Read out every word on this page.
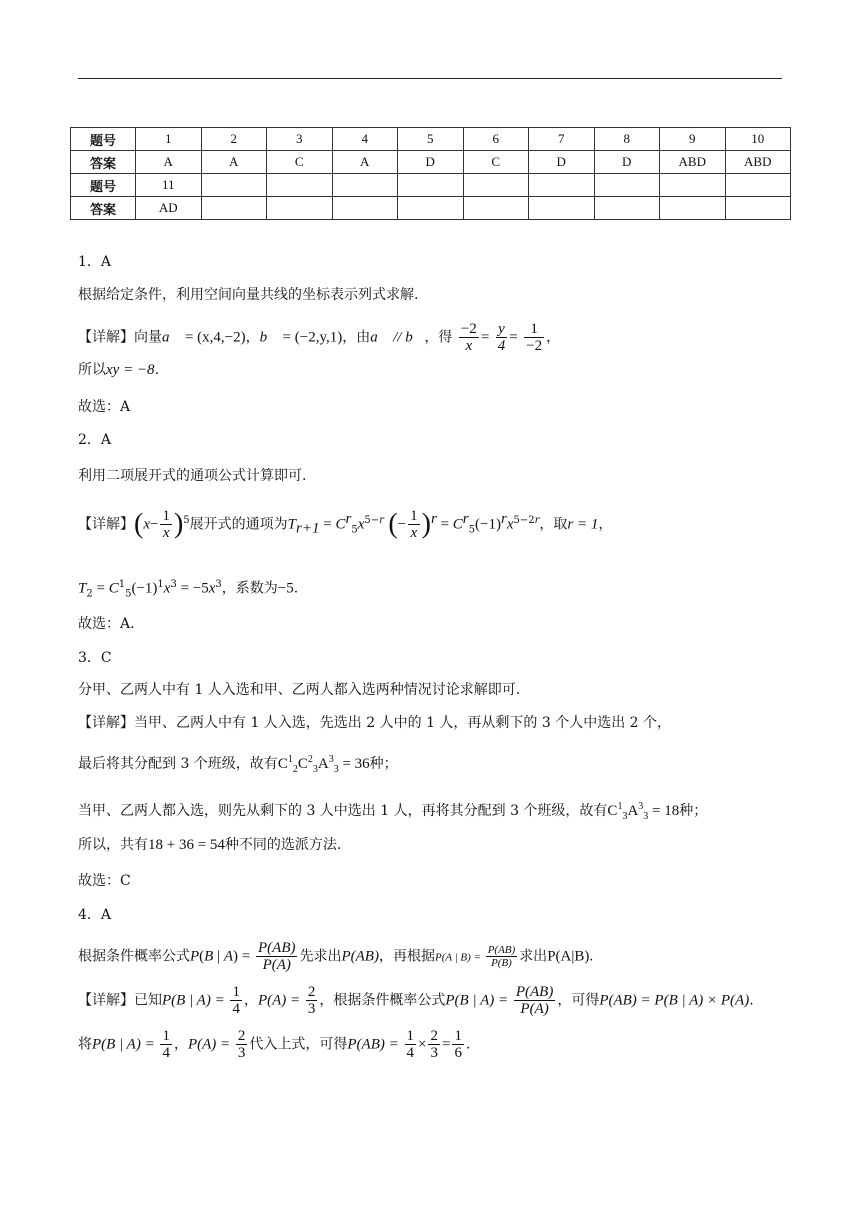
题号	1	2	3	4	5	6	7	8	9	10
答案	A	A	C	A	D	C	D	D	ABD	ABD
题号	11									
答案	AD									
1．A
根据给定条件，利用空间向量共线的坐标表示列式求解.
【详解】向量a⃗ = (x,4,−2)，b⃗ = (−2,y,1)，由a⃗ // b⃗，得 $\frac{-2}{x} = \frac{y}{4} = \frac{1}{-2}$ ，
所以xy = −8.
故选：A
2．A
利用二项展开式的通项公式计算即可.
【详解】$(x- \frac{1}{x} )^5$展开式的通项为$T_{r+1} = C^r_5x^{5-r}$ (− $\frac{1}{x} )^r = C^r_5(-1)^rx^{5-2r}$，取r = 1，
$T_2 = C^1_5(-1)^1x^3 = -5x^3$，系数为−5.
故选：A.
3．C
分甲、乙两人中有 1 人入选和甲、乙两人都入选两种情况讨论求解即可.
【详解】当甲、乙两人中有 1 人入选，先选出 2 人中的 1 人，再从剩下的 3 个人中选出 2 个，
最后将其分配到 3 个班级，故有$C^1_2C^2_3A^3_3 = 36$种；
当甲、乙两人都入选，则先从剩下的 3 人中选出 1 人，再将其分配到 3 个班级，故有$C^1_3A^3_3 = 18$种；
所以，共有18 + 36 = 54种不同的选派方法.
故选：C
4．A
根据条件概率公式P(B | $A) = \frac{P(AB)}{P(A)}$ 先求出P(AB)，再根据P(A | $B) = \frac{P(AB)}{P(B)}$ 求出P(A|B).
【详解】已知P(B | $A) = \frac{1}{4}$ ，$P(A) = \frac{2}{3}$ ，根据条件概率公式P(B | $A) = \frac{P(AB)}{P(A)}$ ，可得P(AB) = P(B | A) × P(A).
将P(B | $A) = \frac{1}{4}$ ，$P(A) = \frac{2}{3}$ 代入上式，可得$P(AB) = \frac{1}{4} \times \frac{2}{3} = \frac{1}{6}$ .
